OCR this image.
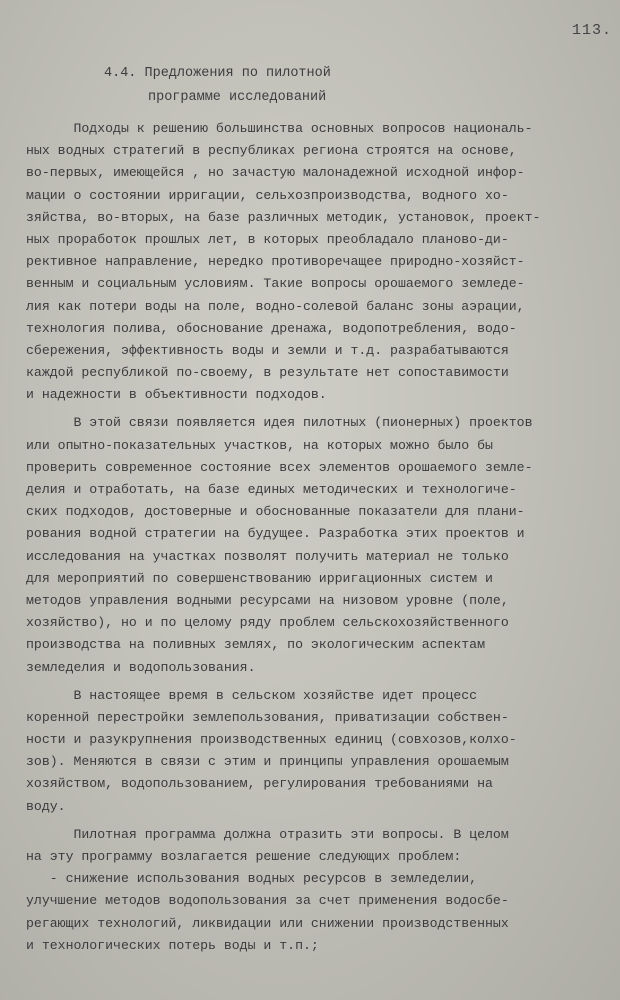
113.
4.4. Предложения по пилотной
программе исследований
Подходы к решению большинства основных вопросов националь-
ных водных стратегий в республиках региона строятся на основе,
во-первых, имеющейся , но зачастую малонадежной исходной инфор-
мации о состоянии ирригации, сельхозпроизводства, водного хо-
зяйства, во-вторых, на базе различных методик, установок, проект-
ных проработок прошлых лет, в которых преобладало планово-ди-
рективное направление, нередко противоречащее природно-хозяйст-
венным и социальным условиям. Такие вопросы орошаемого земледе-
лия как потери воды на поле, водно-солевой баланс зоны аэрации,
технология полива, обоснование дренажа, водопотребления, водо-
сбережения, эффективность воды и земли и т.д. разрабатываются
каждой республикой по-своему, в результате нет сопоставимости
и надежности в объективности подходов.
В этой связи появляется идея пилотных (пионерных) проектов
или опытно-показательных участков, на которых можно было бы
проверить современное состояние всех элементов орошаемого земле-
делия и отработать, на базе единых методических и технологиче-
ских подходов, достоверные и обоснованные показатели для плани-
рования водной стратегии на будущее. Разработка этих проектов и
исследования на участках позволят получить материал не только
для мероприятий по совершенствованию ирригационных систем и
методов управления водными ресурсами на низовом уровне (поле,
хозяйство), но и по целому ряду проблем сельскохозяйственного
производства на поливных землях, по экологическим аспектам
земледелия и водопользования.
В настоящее время в сельском хозяйстве идет процесс
коренной перестройки землепользования, приватизации собствен-
ности и разукрупнения производственных единиц (совхозов,колхо-
зов). Меняются в связи с этим и принципы управления орошаемым
хозяйством, водопользованием, регулирования требованиями на
воду.
Пилотная программа должна отразить эти вопросы. В целом
на эту программу возлагается решение следующих проблем:
- снижение использования водных ресурсов в земледелии,
улучшение методов водопользования за счет применения водосбе-
регающих технологий, ликвидации или снижении производственных
и технологических потерь воды и т.п.;
